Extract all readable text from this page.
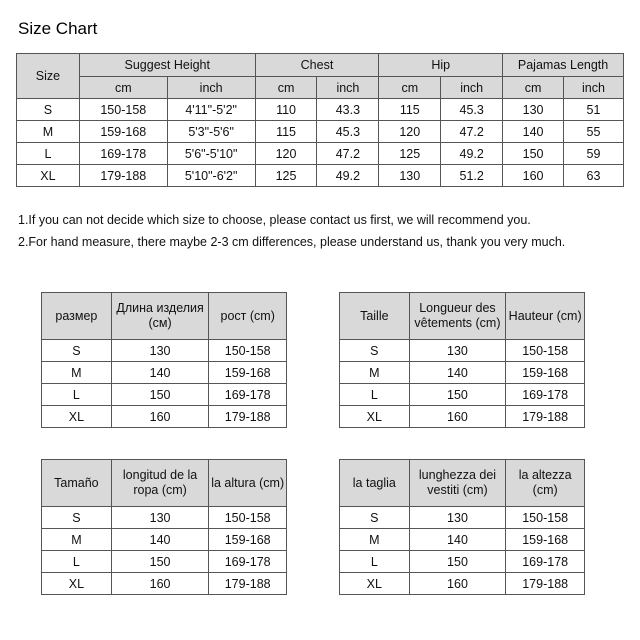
Size Chart
Size	Suggest Height		Chest		Hip		Pajamas Length	
	cm	inch	cm	inch	cm	inch	cm	inch
S	150-158	4'11"-5'2"	110	43.3	115	45.3	130	51
M	159-168	5'3"-5'6"	115	45.3	120	47.2	140	55
L	169-178	5'6"-5'10"	120	47.2	125	49.2	150	59
XL	179-188	5'10"-6'2"	125	49.2	130	51.2	160	63
1.If you can not decide which size to choose, please contact us first, we will recommend you.
2.For hand measure, there maybe 2-3 cm differences, please understand us, thank you very much.
размер	Длина изделия (см)	рост (cm)
S	130	150-158
M	140	159-168
L	150	169-178
XL	160	179-188
Taille	Longueur des vêtements (cm)	Hauteur (cm)
S	130	150-158
M	140	159-168
L	150	169-178
XL	160	179-188
Tamaño	longitud de la ropa (cm)	la altura (cm)
S	130	150-158
M	140	159-168
L	150	169-178
XL	160	179-188
la taglia	lunghezza dei vestiti (cm)	la altezza (cm)
S	130	150-158
M	140	159-168
L	150	169-178
XL	160	179-188
